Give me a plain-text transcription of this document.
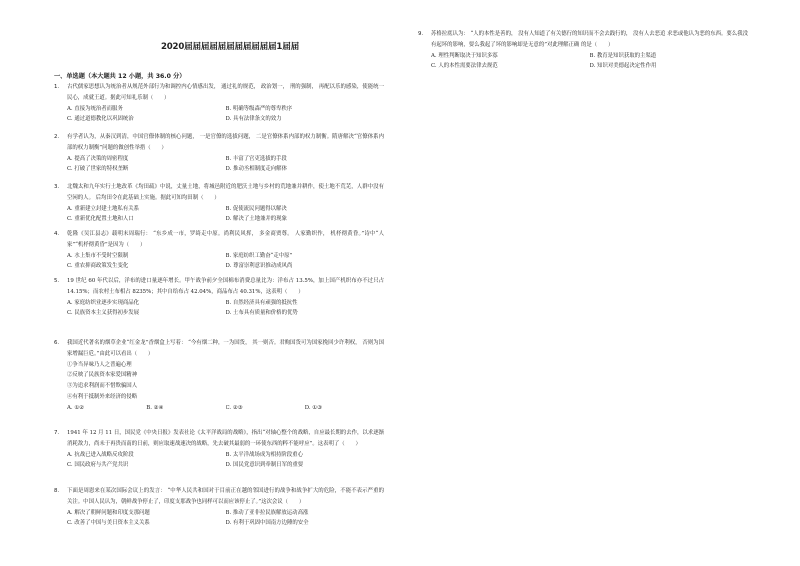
2020届届届届届届届届届届届1届届
一、单选题（本大题共 12 小题，共 36.0 分）
1.	古代儒家思想认为统治者从规范外部行为和调控内心情感出发， 通过礼的规范， 政治划一， 刑的强制， 再配以乐的感染，使能统一民心，成就王道。据此可知礼乐制（　　）
A. 直接为统治者而服务	B. 明确等级森严的尊卑秩序
C. 通过道德教化以巩固统治	D. 具有法律条文的效力
2.	有学者认为，从秦汉到清，中国官僚体制的核心问题， 一是官僚的选拔问题， 二是官僚体系内部的权力制衡。隋唐解决“官僚体系内部的权力制衡”问题的做创性举措（　　）
A. 提高了决策的周密程度	B. 丰富了官吏选拔的手段
C. 打破了世家的特权垄断	D. 推动丞相制度走向解体
3.	北魏太和九年实行土地改革《均田疏》中说，丈量土地，将城邑附近的肥沃土地与乡村的荒地兼并耕作，使土地不荒芜，人群中没有空闲的人。 后均田令在此基础上实施。据此可知均田制（　　）
A. 重新建立封建土地私有关系	B. 促使流民问题得以解决
C. 重新优化配置土地和人口	D. 解决了土地兼并的现象
4.	乾隆《吴江县志》载明末周瑞行： “东乡成一市，罗绮走中原。尚利民风挥， 多金商贾尊。 人家勤织作， 机杼彻黄昏。”诗中“人家”“机杼彻黄昏”是因为（　　）
A. 水上集市不受时空限制	B. 家庭纺织工勤奋“走中原”
C. 重农抑商政策发生变化	D. 尊富崇利意识推动成风尚
5.	19 世纪 60 年代以后，洋布的进口量逐年增长。甲午战争前夕全国棉布消费总量比为：洋布占 13.5%，加上国产机织布亦不过只占 14.15%；而农村土布相占 8235%；其中自给布占 42.04%，商品布占 40.31%，这表明（　　）
A. 家庭纺织业逐步实现商品化	B. 自然经济具有顽强的抵抗性
C. 民族资本主义获得初步发展	D. 土布具有质量和价格的优势
6.	我国近代著名的烟草企业“红金龙”香烟盒上写着： “今有烟二种，一为国货， 其一则否。君购国货可为国家挽回少许利权， 否则为国家增漏巨卮。”由此可以看出（　　）
①争当异味乃人之普遍心理
②反映了民族资本家爱国精神
③为追求利润而不惜欺骗国人
④有利于抵制外来经济的侵略
A. ①②	B. ②④	C. ②③	D. ①③
7.	1941 年 12 月 11 日，国民党《中央日报》发表社论《太平洋战局的战略》，指出“对轴心整个的战略，自应最长期的去作，以求逐渐消耗敌力，尚未于再贵而南的日前，则应取速战速决的战略，先去破其最弱的一环使东西的粹不能呼应”。这表明了（　　）
A. 抗战已进入战略反攻阶段	B. 太平洋战场成为相持阶段重心
C. 国民政府与共产党共识	D. 国民党意识到牵制日军的重要
8.	下面是周恩来在某次国际会议上的发言： “中华人民共和国对于目前正在越的邻国进行的战争和战争扩大的危险，不能不表示严重的关注。中国人民认为，朝鲜战争停止了，印度支那战争也同样可以而应该停止了。”这次会议（　　）
A. 解决了朝鲜问题和印度支那问题	B. 推动了亚非拉民族解放运动高涨
C. 改善了中国与美日资本主义关系	D. 有利于巩固中国南方边陲的安全
9.	苏格拉底认为： “人的本性是善的， 没有人知道了有关德行的知识而不会去践行的， 没有人去恶追 求恶或他认为恶的东西。要么我没有起坏的影响，要么我起了坏的影响却是无意的”对此理解正确 的是（　　）
A. 理性判断取决于知识多寡	B. 教育是知识获取的主渠道
C. 人的本性需要法律去规范	D. 知识对美德起决定性作用
